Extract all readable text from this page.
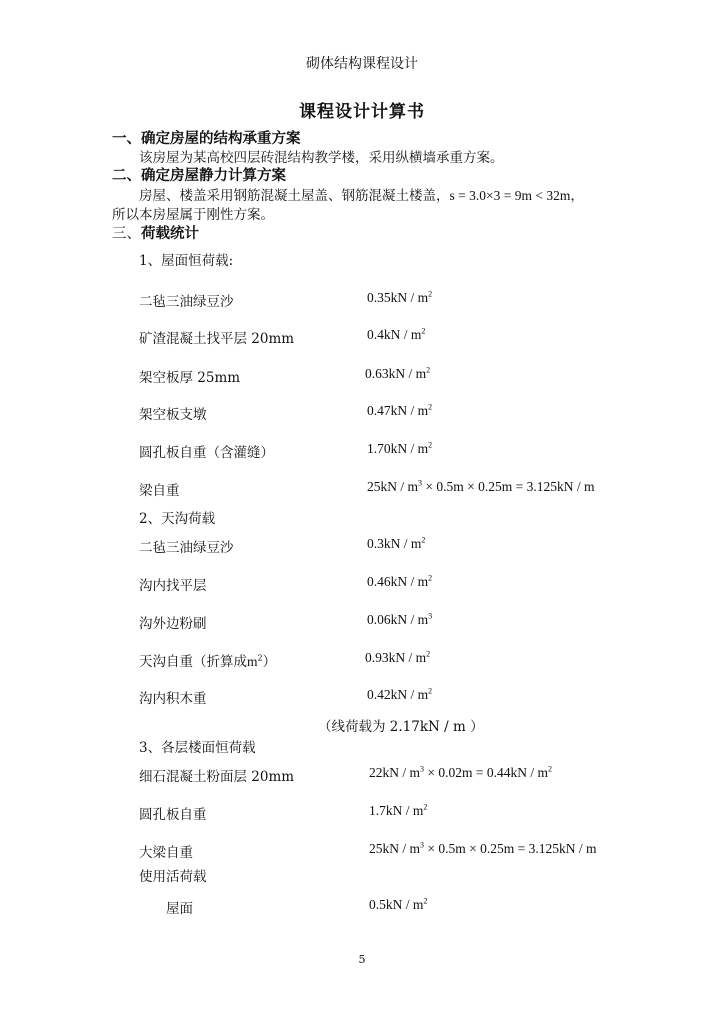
砌体结构课程设计
课程设计计算书
一、确定房屋的结构承重方案
该房屋为某高校四层砖混结构教学楼，采用纵横墙承重方案。
二、确定房屋静力计算方案
房屋、楼盖采用钢筋混凝土屋盖、钢筋混凝土楼盖，s = 3.0×3 = 9m < 32m，
所以本房屋属于刚性方案。
三、荷载统计
1、屋面恒荷载:
二毡三油绿豆沙	$0.35kN / m^2$
矿渣混凝土找平层 20mm	$0.4kN / m^2$
架空板厚 25mm	$0.63kN / m^2$
架空板支墩	$0.47kN / m^2$
圆孔板自重（含灌缝）	$1.70kN / m^2$
梁自重	$25kN / m^3 \times 0.5m \times 0.25m = 3.125kN / m$
2、天沟荷载
二毡三油绿豆沙	$0.3kN / m^2$
沟内找平层	$0.46kN / m^2$
沟外边粉刷	$0.06kN / m^3$
天沟自重（折算成$m^2$）	$0.93kN / m^2$
沟内积木重	$0.42kN / m^2$
（线荷载为 2.17kN / m ）
3、各层楼面恒荷载
细石混凝土粉面层 20mm	$22kN / m^3 \times 0.02m = 0.44kN / m^2$
圆孔板自重	$1.7kN / m^2$
大梁自重	$25kN / m^3 \times 0.5m \times 0.25m = 3.125kN / m$
使用活荷载
屋面	$0.5kN / m^2$
5
